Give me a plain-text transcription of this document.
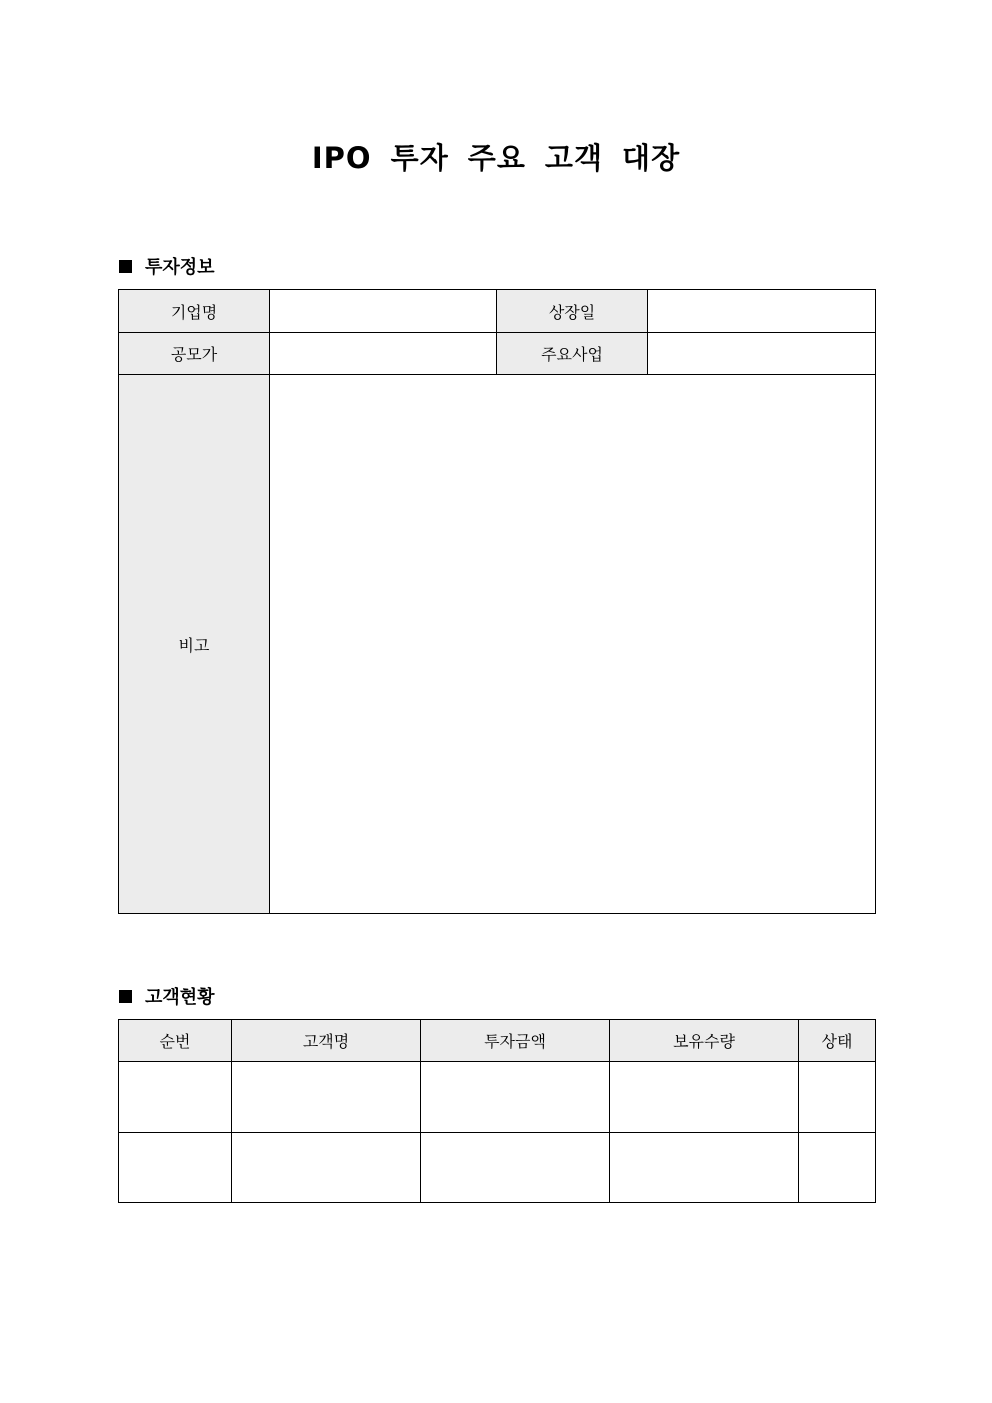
IPO 투자 주요 고객 대장
투자정보
기업명		상장일	
공모가		주요사업	
비고			
고객현황
순번	고객명	투자금액	보유수량	상태
